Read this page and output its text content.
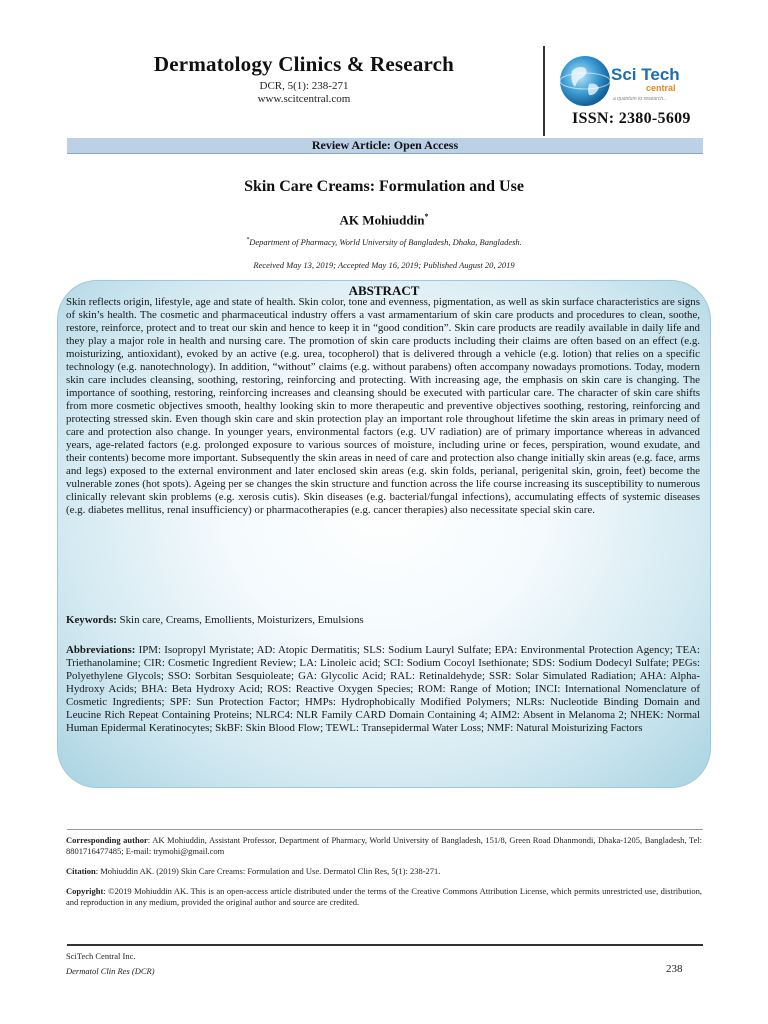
Dermatology Clinics & Research
DCR, 5(1): 238-271
www.scitcentral.com
Sci Tech
central
a quantum to research...
ISSN: 2380-5609
Review Article: Open Access
Skin Care Creams: Formulation and Use
AK Mohiuddin*
*Department of Pharmacy, World University of Bangladesh, Dhaka, Bangladesh.
Received May 13, 2019; Accepted May 16, 2019; Published August 20, 2019
ABSTRACT

Skin reflects origin, lifestyle, age and state of health. Skin color, tone and evenness, pigmentation, as well as skin surface characteristics are signs of skin’s health. The cosmetic and pharmaceutical industry offers a vast armamentarium of skin care products and procedures to clean, soothe, restore, reinforce, protect and to treat our skin and hence to keep it in “good condition”. Skin care products are readily available in daily life and they play a major role in health and nursing care. The promotion of skin care products including their claims are often based on an effect (e.g. moisturizing, antioxidant), evoked by an active (e.g. urea, tocopherol) that is delivered through a vehicle (e.g. lotion) that relies on a specific technology (e.g. nanotechnology). In addition, “without” claims (e.g. without parabens) often accompany nowadays promotions. Today, modern skin care includes cleansing, soothing, restoring, reinforcing and protecting. With increasing age, the emphasis on skin care is changing. The importance of soothing, restoring, reinforcing increases and cleansing should be executed with particular care. The character of skin care shifts from more cosmetic objectives smooth, healthy looking skin to more therapeutic and preventive objectives soothing, restoring, reinforcing and protecting stressed skin. Even though skin care and skin protection play an important role throughout lifetime the skin areas in primary need of care and protection also change. In younger years, environmental factors (e.g. UV radiation) are of primary importance whereas in advanced years, age-related factors (e.g. prolonged exposure to various sources of moisture, including urine or feces, perspiration, wound exudate, and their contents) become more important. Subsequently the skin areas in need of care and protection also change initially skin areas (e.g. face, arms and legs) exposed to the external environment and later enclosed skin areas (e.g. skin folds, perianal, perigenital skin, groin, feet) become the vulnerable zones (hot spots). Ageing per se changes the skin structure and function across the life course increasing its susceptibility to numerous clinically relevant skin problems (e.g. xerosis cutis). Skin diseases (e.g. bacterial/fungal infections), accumulating effects of systemic diseases (e.g. diabetes mellitus, renal insufficiency) or pharmacotherapies (e.g. cancer therapies) also necessitate special skin care.

Keywords: Skin care, Creams, Emollients, Moisturizers, Emulsions

Abbreviations: IPM: Isopropyl Myristate; AD: Atopic Dermatitis; SLS: Sodium Lauryl Sulfate; EPA: Environmental Protection Agency; TEA: Triethanolamine; CIR: Cosmetic Ingredient Review; LA: Linoleic acid; SCI: Sodium Cocoyl Isethionate; SDS: Sodium Dodecyl Sulfate; PEGs: Polyethylene Glycols; SSO: Sorbitan Sesquioleate; GA: Glycolic Acid; RAL: Retinaldehyde; SSR: Solar Simulated Radiation; AHA: Alpha-Hydroxy Acids; BHA: Beta Hydroxy Acid; ROS: Reactive Oxygen Species; ROM: Range of Motion; INCI: International Nomenclature of Cosmetic Ingredients; SPF: Sun Protection Factor; HMPs: Hydrophobically Modified Polymers; NLRs: Nucleotide Binding Domain and Leucine Rich Repeat Containing Proteins; NLRC4: NLR Family CARD Domain Containing 4; AIM2: Absent in Melanoma 2; NHEK: Normal Human Epidermal Keratinocytes; SkBF: Skin Blood Flow; TEWL: Transepidermal Water Loss; NMF: Natural Moisturizing Factors

Corresponding author: AK Mohiuddin, Assistant Professor, Department of Pharmacy, World University of Bangladesh, 151/8, Green Road Dhanmondi, Dhaka-1205, Bangladesh, Tel: 8801716477485; E-mail: trymohi@gmail.com

Citation: Mohiuddin AK. (2019) Skin Care Creams: Formulation and Use. Dermatol Clin Res, 5(1): 238-271.

Copyright: ©2019 Mohiuddin AK. This is an open-access article distributed under the terms of the Creative Commons Attribution License, which permits unrestricted use, distribution, and reproduction in any medium, provided the original author and source are credited.

SciTech Central Inc.
Dermatol Clin Res (DCR)	238
